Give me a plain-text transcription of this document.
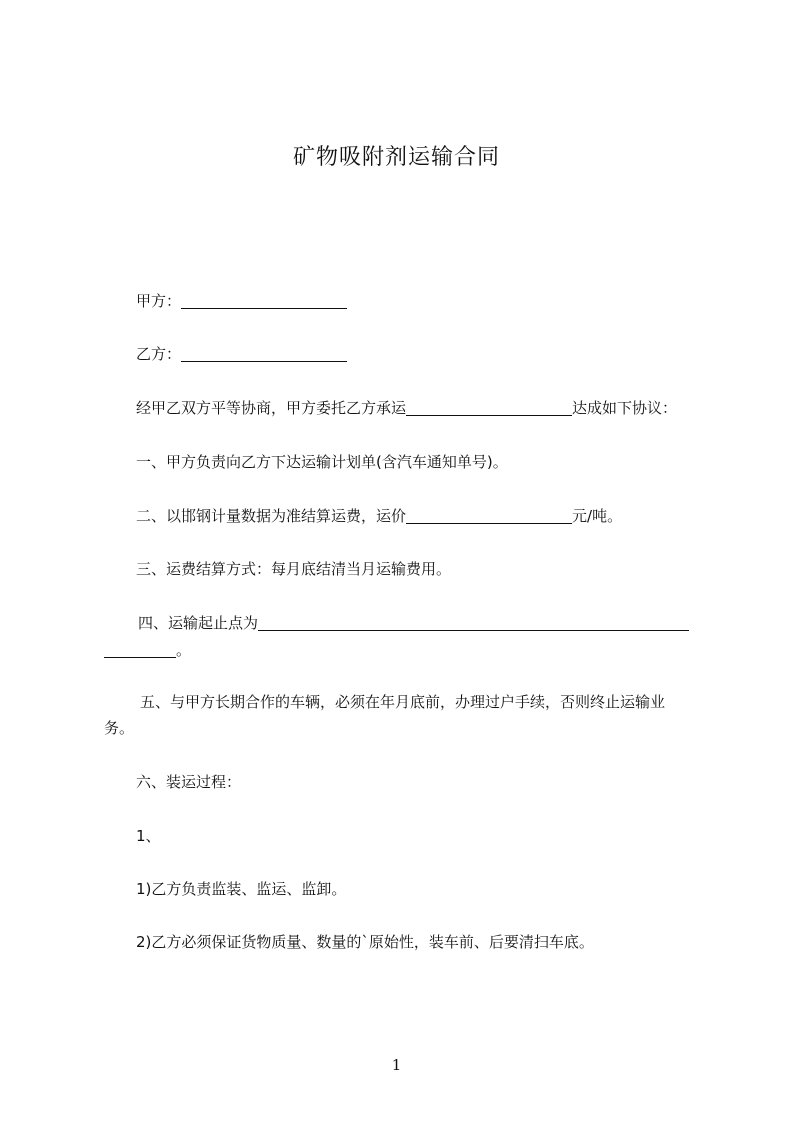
矿物吸附剂运输合同
甲方：
乙方：
经甲乙双方平等协商，甲方委托乙方承运	达成如下协议：
一、甲方负责向乙方下达运输计划单(含汽车通知单号)。
二、以邯钢计量数据为准结算运费，运价	元/吨。
三、运费结算方式：每月底结清当月运输费用。
四、运输起止点为
。
五、与甲方长期合作的车辆，必须在年月底前，办理过户手续，否则终止运输业
务。
六、装运过程：
1、
1)乙方负责监装、监运、监卸。
2)乙方必须保证货物质量、数量的`原始性，装车前、后要清扫车底。
1
